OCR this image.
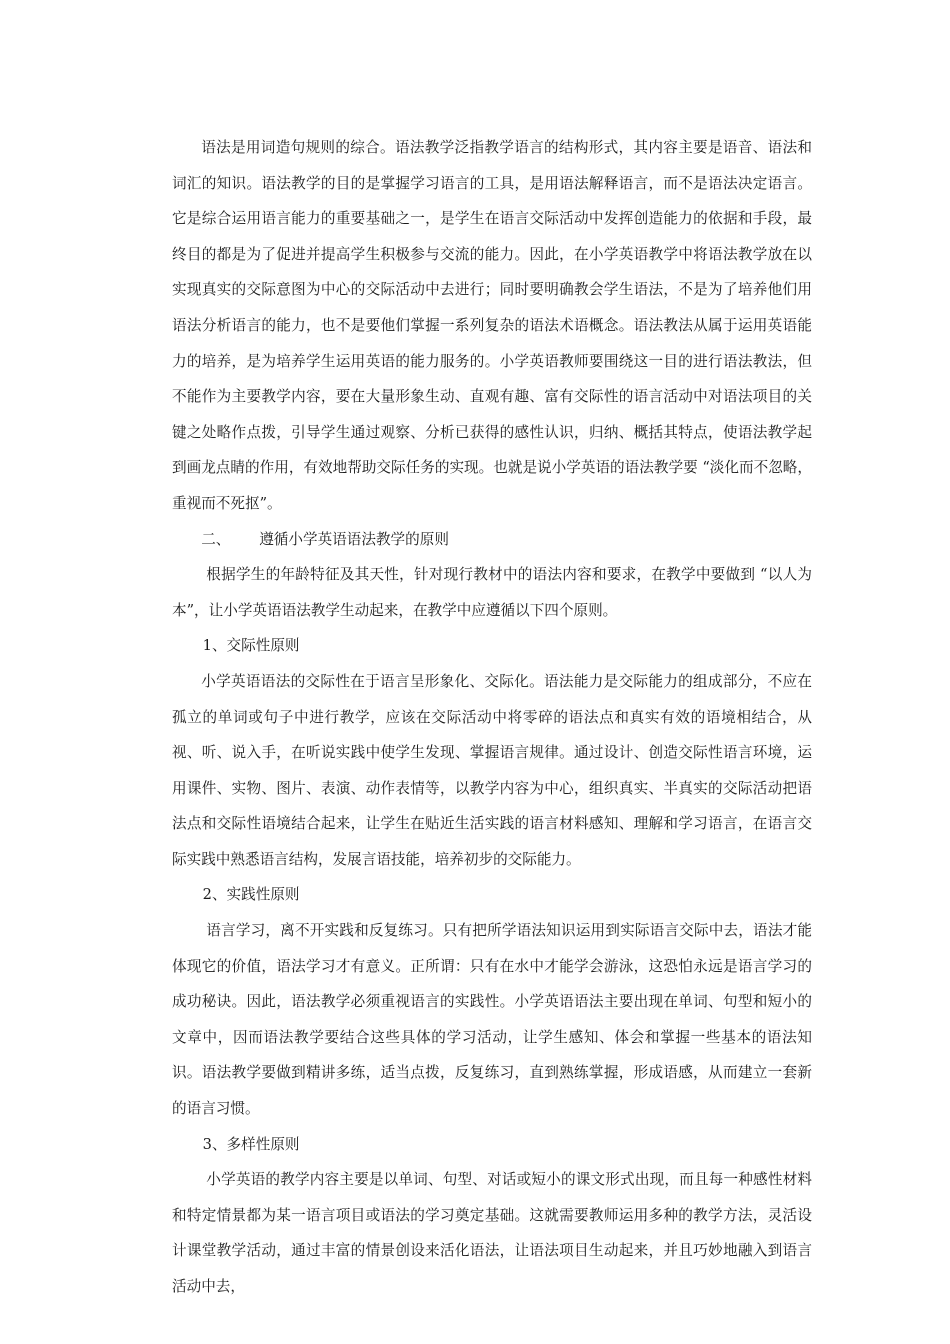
语法是用词造句规则的综合。语法教学泛指教学语言的结构形式，其内容主要是语音、语法和词汇的知识。语法教学的目的是掌握学习语言的工具，是用语法解释语言，而不是语法决定语言。它是综合运用语言能力的重要基础之一，是学生在语言交际活动中发挥创造能力的依据和手段，最终目的都是为了促进并提高学生积极参与交流的能力。因此，在小学英语教学中将语法教学放在以实现真实的交际意图为中心的交际活动中去进行；同时要明确教会学生语法，不是为了培养他们用语法分析语言的能力，也不是要他们掌握一系列复杂的语法术语概念。语法教法从属于运用英语能力的培养，是为培养学生运用英语的能力服务的。小学英语教师要围绕这一目的进行语法教法，但不能作为主要教学内容，要在大量形象生动、直观有趣、富有交际性的语言活动中对语法项目的关键之处略作点拨，引导学生通过观察、分析已获得的感性认识，归纳、概括其特点，使语法教学起到画龙点睛的作用，有效地帮助交际任务的实现。也就是说小学英语的语法教学要 “淡化而不忽略，重视而不死抠”。

二、 遵循小学英语语法教学的原则

根据学生的年龄特征及其天性，针对现行教材中的语法内容和要求，在教学中要做到 “以人为本”，让小学英语语法教学生动起来，在教学中应遵循以下四个原则。

1、交际性原则

小学英语语法的交际性在于语言呈形象化、交际化。语法能力是交际能力的组成部分，不应在孤立的单词或句子中进行教学，应该在交际活动中将零碎的语法点和真实有效的语境相结合，从视、听、说入手，在听说实践中使学生发现、掌握语言规律。通过设计、创造交际性语言环境，运用课件、实物、图片、表演、动作表情等，以教学内容为中心，组织真实、半真实的交际活动把语法点和交际性语境结合起来，让学生在贴近生活实践的语言材料感知、理解和学习语言，在语言交际实践中熟悉语言结构，发展言语技能，培养初步的交际能力。

2、实践性原则

语言学习，离不开实践和反复练习。只有把所学语法知识运用到实际语言交际中去，语法才能体现它的价值，语法学习才有意义。正所谓：只有在水中才能学会游泳，这恐怕永远是语言学习的成功秘诀。因此，语法教学必须重视语言的实践性。小学英语语法主要出现在单词、句型和短小的文章中，因而语法教学要结合这些具体的学习活动，让学生感知、体会和掌握一些基本的语法知识。语法教学要做到精讲多练，适当点拨，反复练习，直到熟练掌握，形成语感，从而建立一套新的语言习惯。

3、多样性原则

小学英语的教学内容主要是以单词、句型、对话或短小的课文形式出现，而且每一种感性材料和特定情景都为某一语言项目或语法的学习奠定基础。这就需要教师运用多种的教学方法，灵活设计课堂教学活动，通过丰富的情景创设来活化语法，让语法项目生动起来，并且巧妙地融入到语言活动中去，
